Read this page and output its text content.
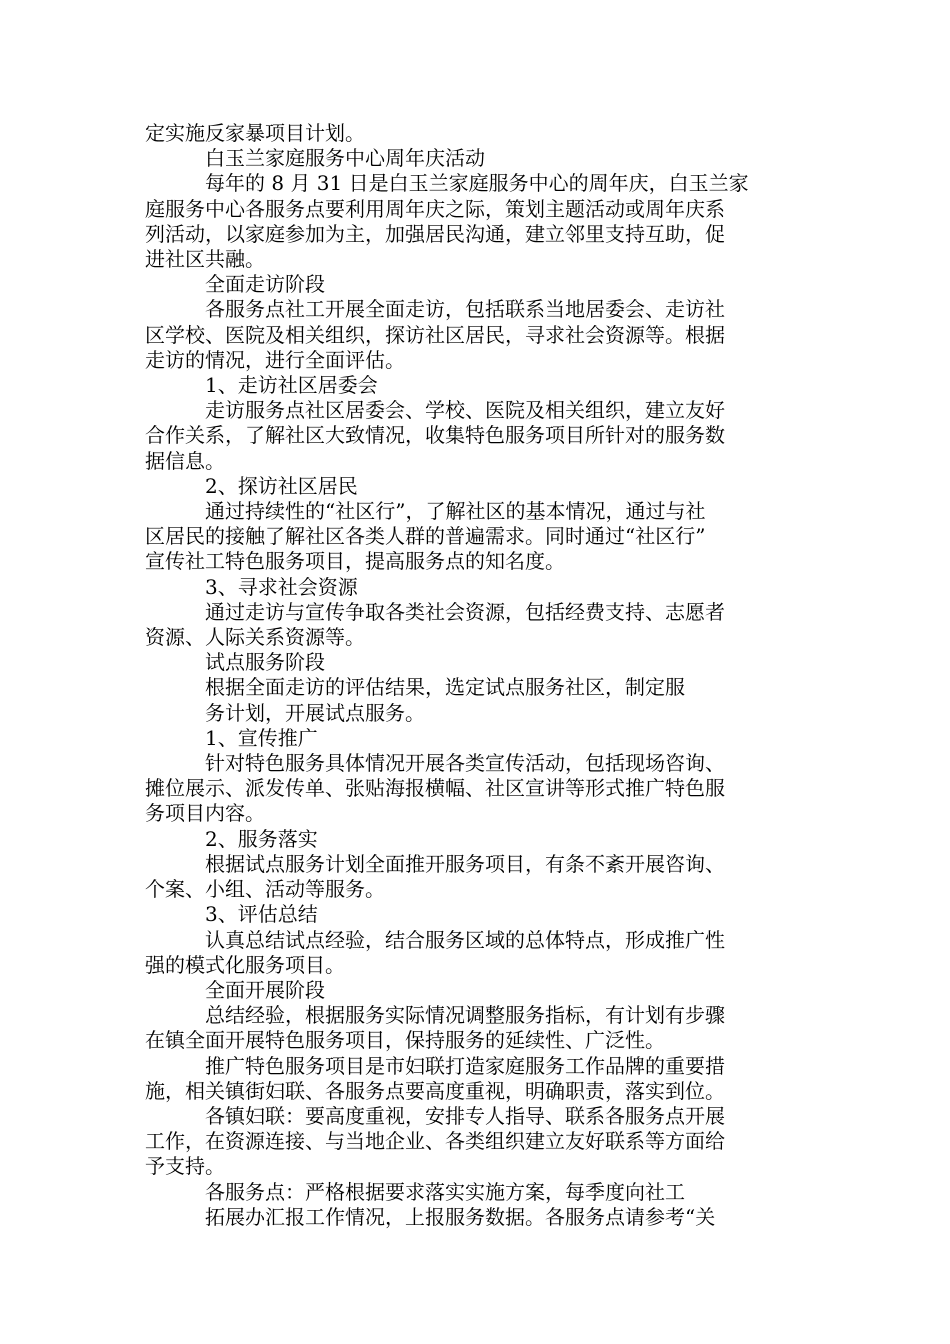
定实施反家暴项目计划。
白玉兰家庭服务中心周年庆活动
每年的 8 月 31 日是白玉兰家庭服务中心的周年庆，白玉兰家
庭服务中心各服务点要利用周年庆之际，策划主题活动或周年庆系
列活动，以家庭参加为主，加强居民沟通，建立邻里支持互助，促
进社区共融。
全面走访阶段
各服务点社工开展全面走访，包括联系当地居委会、走访社
区学校、医院及相关组织，探访社区居民，寻求社会资源等。根据
走访的情况，进行全面评估。
1、走访社区居委会
走访服务点社区居委会、学校、医院及相关组织，建立友好
合作关系，了解社区大致情况，收集特色服务项目所针对的服务数
据信息。
2、探访社区居民
通过持续性的“社区行”，了解社区的基本情况，通过与社
区居民的接触了解社区各类人群的普遍需求。同时通过“社区行”
宣传社工特色服务项目，提高服务点的知名度。
3、寻求社会资源
通过走访与宣传争取各类社会资源，包括经费支持、志愿者
资源、人际关系资源等。
试点服务阶段
根据全面走访的评估结果，选定试点服务社区，制定服
务计划，开展试点服务。
1、宣传推广
针对特色服务具体情况开展各类宣传活动，包括现场咨询、
摊位展示、派发传单、张贴海报横幅、社区宣讲等形式推广特色服
务项目内容。
2、服务落实
根据试点服务计划全面推开服务项目，有条不紊开展咨询、
个案、小组、活动等服务。
3、评估总结
认真总结试点经验，结合服务区域的总体特点，形成推广性
强的模式化服务项目。
全面开展阶段
总结经验，根据服务实际情况调整服务指标，有计划有步骤
在镇全面开展特色服务项目，保持服务的延续性、广泛性。
推广特色服务项目是市妇联打造家庭服务工作品牌的重要措
施，相关镇街妇联、各服务点要高度重视，明确职责，落实到位。
各镇妇联：要高度重视，安排专人指导、联系各服务点开展
工作，在资源连接、与当地企业、各类组织建立友好联系等方面给
予支持。
各服务点：严格根据要求落实实施方案，每季度向社工
拓展办汇报工作情况，上报服务数据。各服务点请参考“关
